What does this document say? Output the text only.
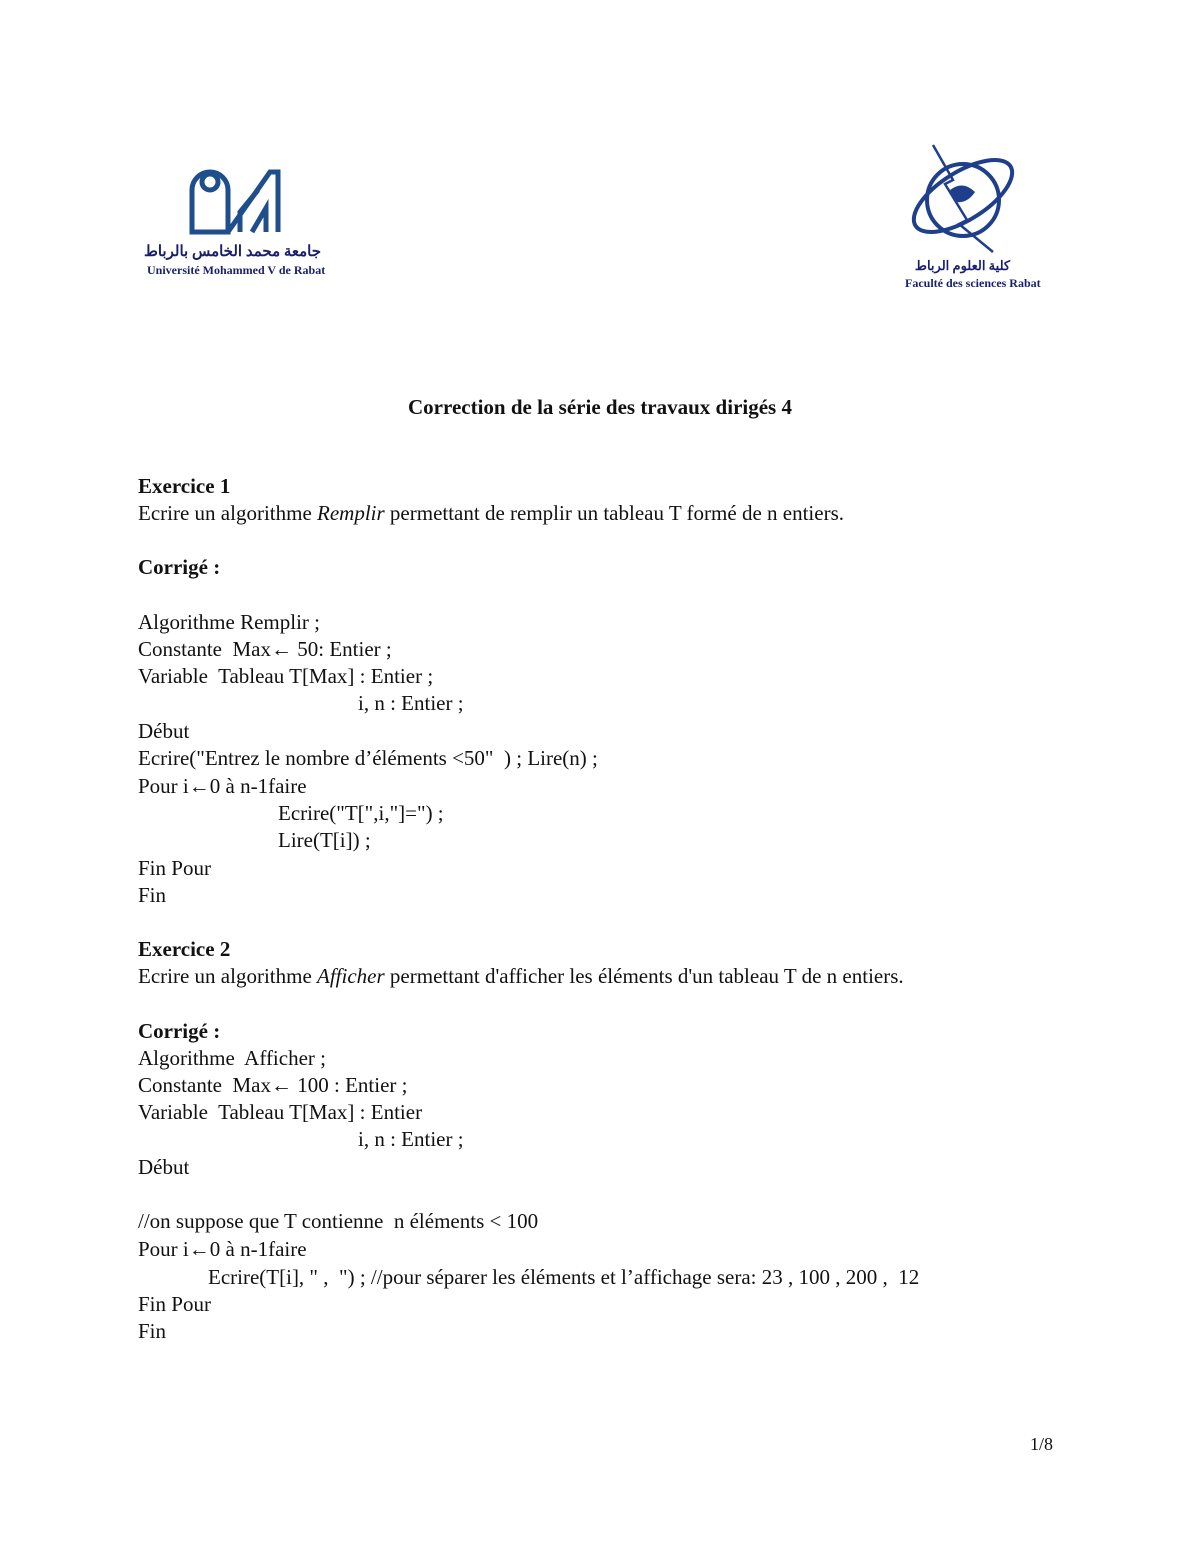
جامعة محمد الخامس بالرباط
Université Mohammed V de Rabat	كلية العلوم الرباط
Faculté des sciences Rabat
Correction de la série des travaux dirigés 4
Exercice 1
Ecrire un algorithme Remplir permettant de remplir un tableau T formé de n entiers.
Corrigé :
Algorithme Remplir ;
Constante  Max← 50: Entier ;
Variable  Tableau T[Max] : Entier ;
i, n : Entier ;
Début
Ecrire("Entrez le nombre d’éléments <50"  ) ; Lire(n) ;
Pour i←0 à n-1faire
Ecrire("T[",i,"]=") ;
Lire(T[i]) ;
Fin Pour
Fin
Exercice 2
Ecrire un algorithme Afficher permettant d'afficher les éléments d'un tableau T de n entiers.
Corrigé :
Algorithme  Afficher ;
Constante  Max← 100 : Entier ;
Variable  Tableau T[Max] : Entier
i, n : Entier ;
Début
//on suppose que T contienne  n éléments < 100
Pour i←0 à n-1faire
Ecrire(T[i], " ,  ") ; //pour séparer les éléments et l’affichage sera: 23 , 100 , 200 ,  12
Fin Pour
Fin
1/8
